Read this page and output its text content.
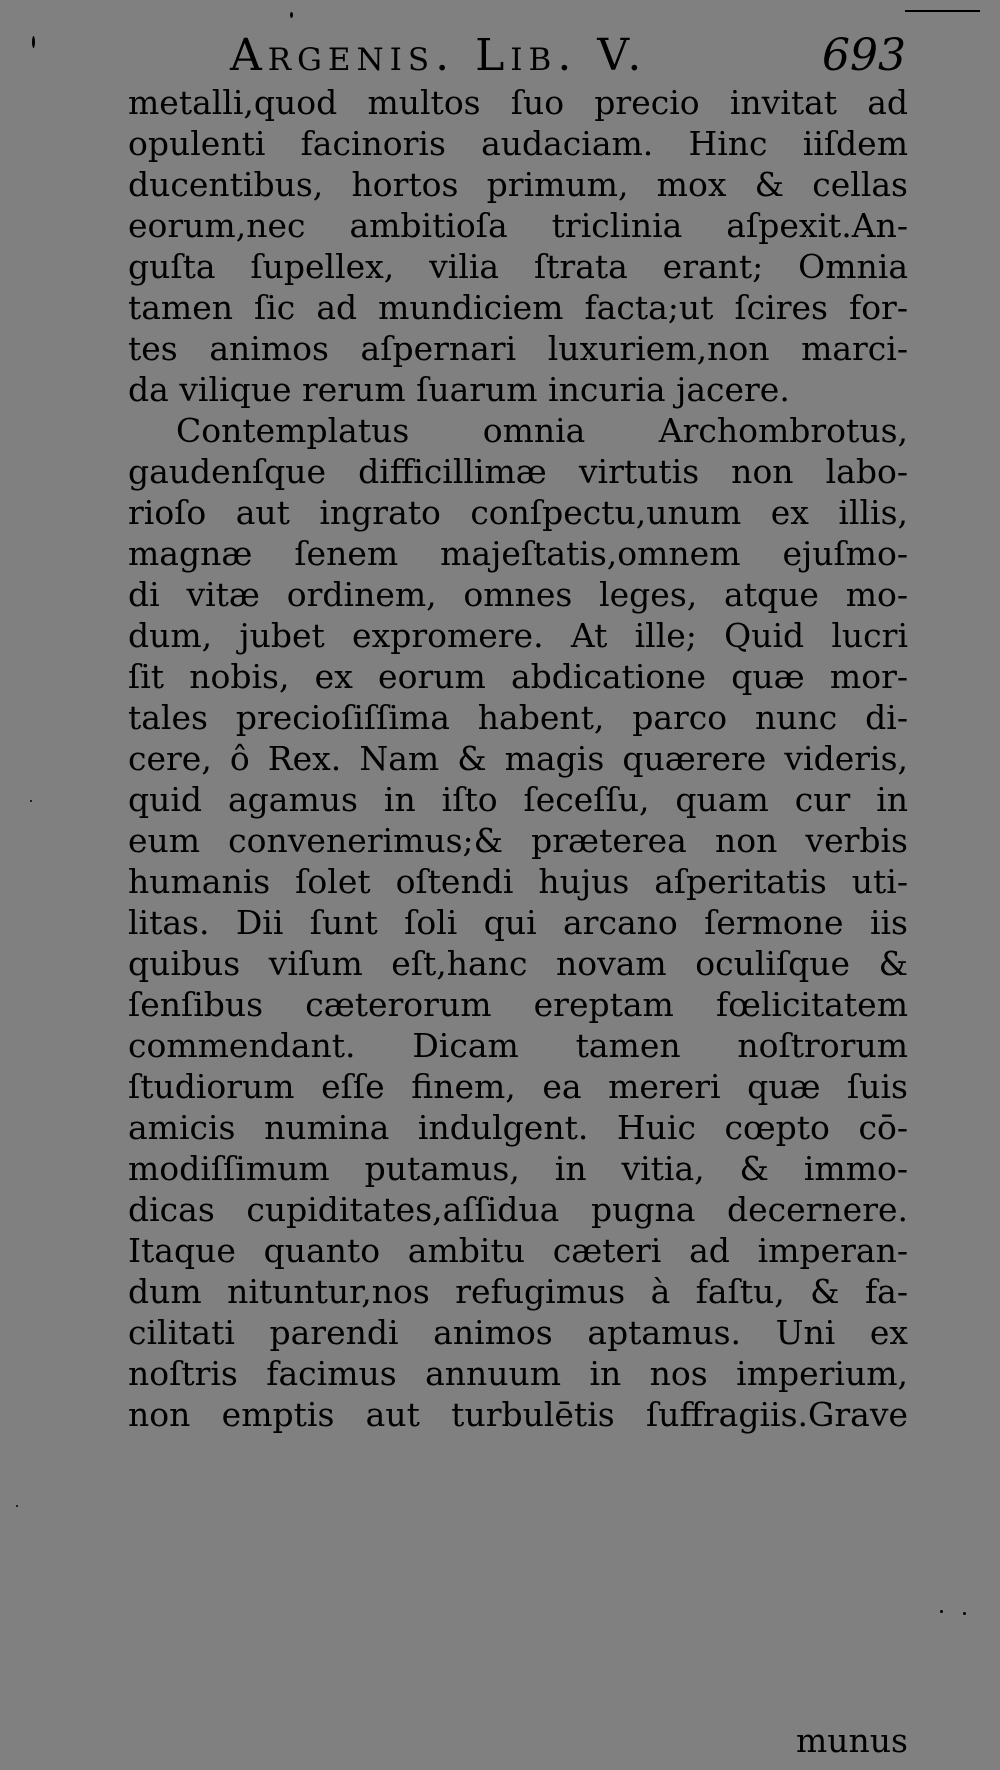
Argenis. Lib. V.	693
metalli,quod multos ſuo precio invitat ad
opulenti facinoris audaciam. Hinc iiſdem
ducentibus, hortos primum, mox & cellas
eorum,nec ambitioſa triclinia aſpexit.An-
guſta ſupellex, vilia ſtrata erant; Omnia
tamen ſic ad mundiciem facta;ut ſcires for-
tes animos aſpernari luxuriem,non marci-
da vilique rerum ſuarum incuria jacere.
Contemplatus omnia Archombrotus,
gaudenſque difficillimæ virtutis non labo-
rioſo aut ingrato conſpectu,unum ex illis,
magnæ ſenem majeſtatis,omnem ejuſmo-
di vitæ ordinem, omnes leges, atque mo-
dum, jubet expromere. At ille; Quid lucri
ſit nobis, ex eorum abdicatione quæ mor-
tales precioſiſſima habent, parco nunc di-
cere, ô Rex. Nam & magis quærere videris,
quid agamus in iſto ſeceſſu, quam cur in
eum convenerimus;& præterea non verbis
humanis ſolet oſtendi hujus aſperitatis uti-
litas. Dii ſunt ſoli qui arcano ſermone iis
quibus viſum eſt,hanc novam oculiſque &
ſenſibus cæterorum ereptam fœlicitatem
commendant. Dicam tamen noſtrorum
ſtudiorum eſſe finem, ea mereri quæ ſuis
amicis numina indulgent. Huic cœpto cō-
modiſſimum putamus, in vitia, & immo-
dicas cupiditates,aſſidua pugna decernere.
Itaque quanto ambitu cæteri ad imperan-
dum nituntur,nos refugimus à faſtu, & fa-
cilitati parendi animos aptamus. Uni ex
noſtris facimus annuum in nos imperium,
non emptis aut turbulētis ſuffragiis.Grave
munus
